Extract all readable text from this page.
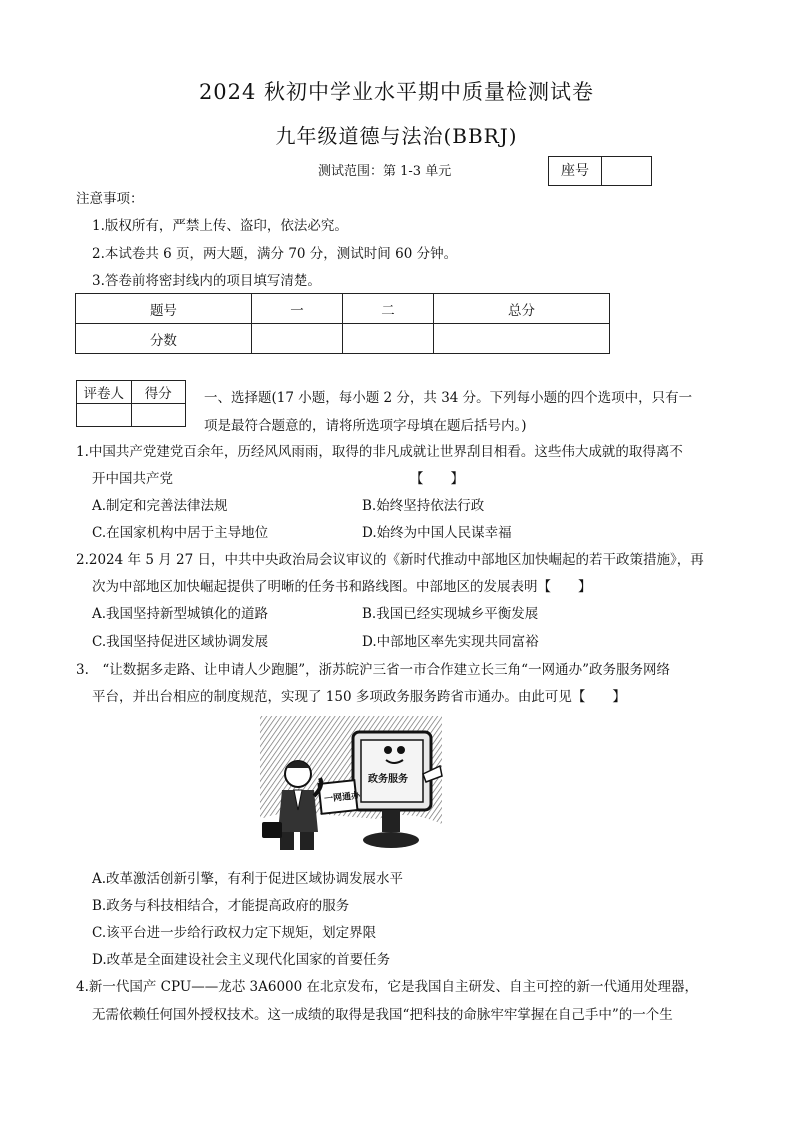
2024 秋初中学业水平期中质量检测试卷
九年级道德与法治(BBRJ)
测试范围：第 1-3 单元	座号
注意事项：
1.版权所有，严禁上传、盗印，依法必究。
2.本试卷共 6 页，两大题，满分 70 分，测试时间 60 分钟。
3.答卷前将密封线内的项目填写清楚。
题号	一	二	总分
分数			
评卷人	得分
	一、选择题(17 小题，每小题 2 分，共 34 分。下列每小题的四个选项中，只有一
项是最符合题意的，请将所选项字母填在题后括号内。)
1.中国共产党建党百余年，历经风风雨雨，取得的非凡成就让世界刮目相看。这些伟大成就的取得离不
开中国共产党	【　　】
A.制定和完善法律法规	B.始终坚持依法行政
C.在国家机构中居于主导地位	D.始终为中国人民谋幸福
2.2024 年 5 月 27 日，中共中央政治局会议审议的《新时代推动中部地区加快崛起的若干政策措施》，再
次为中部地区加快崛起提供了明晰的任务书和路线图。中部地区的发展表明【　　】
A.我国坚持新型城镇化的道路	B.我国已经实现城乡平衡发展
C.我国坚持促进区域协调发展	D.中部地区率先实现共同富裕
3.　“让数据多走路、让申请人少跑腿”，浙苏皖沪三省一市合作建立长三角“一网通办”政务服务网络
平台，并出台相应的制度规范，实现了 150 多项政务服务跨省市通办。由此可见【　　】
一网通办
政务服务
A.改革激活创新引擎，有利于促进区域协调发展水平
B.政务与科技相结合，才能提高政府的服务
C.该平台进一步给行政权力定下规矩，划定界限
D.改革是全面建设社会主义现代化国家的首要任务
4.新一代国产 CPU——龙芯 3A6000 在北京发布，它是我国自主研发、自主可控的新一代通用处理器，
无需依赖任何国外授权技术。这一成绩的取得是我国“把科技的命脉牢牢掌握在自己手中”的一个生
